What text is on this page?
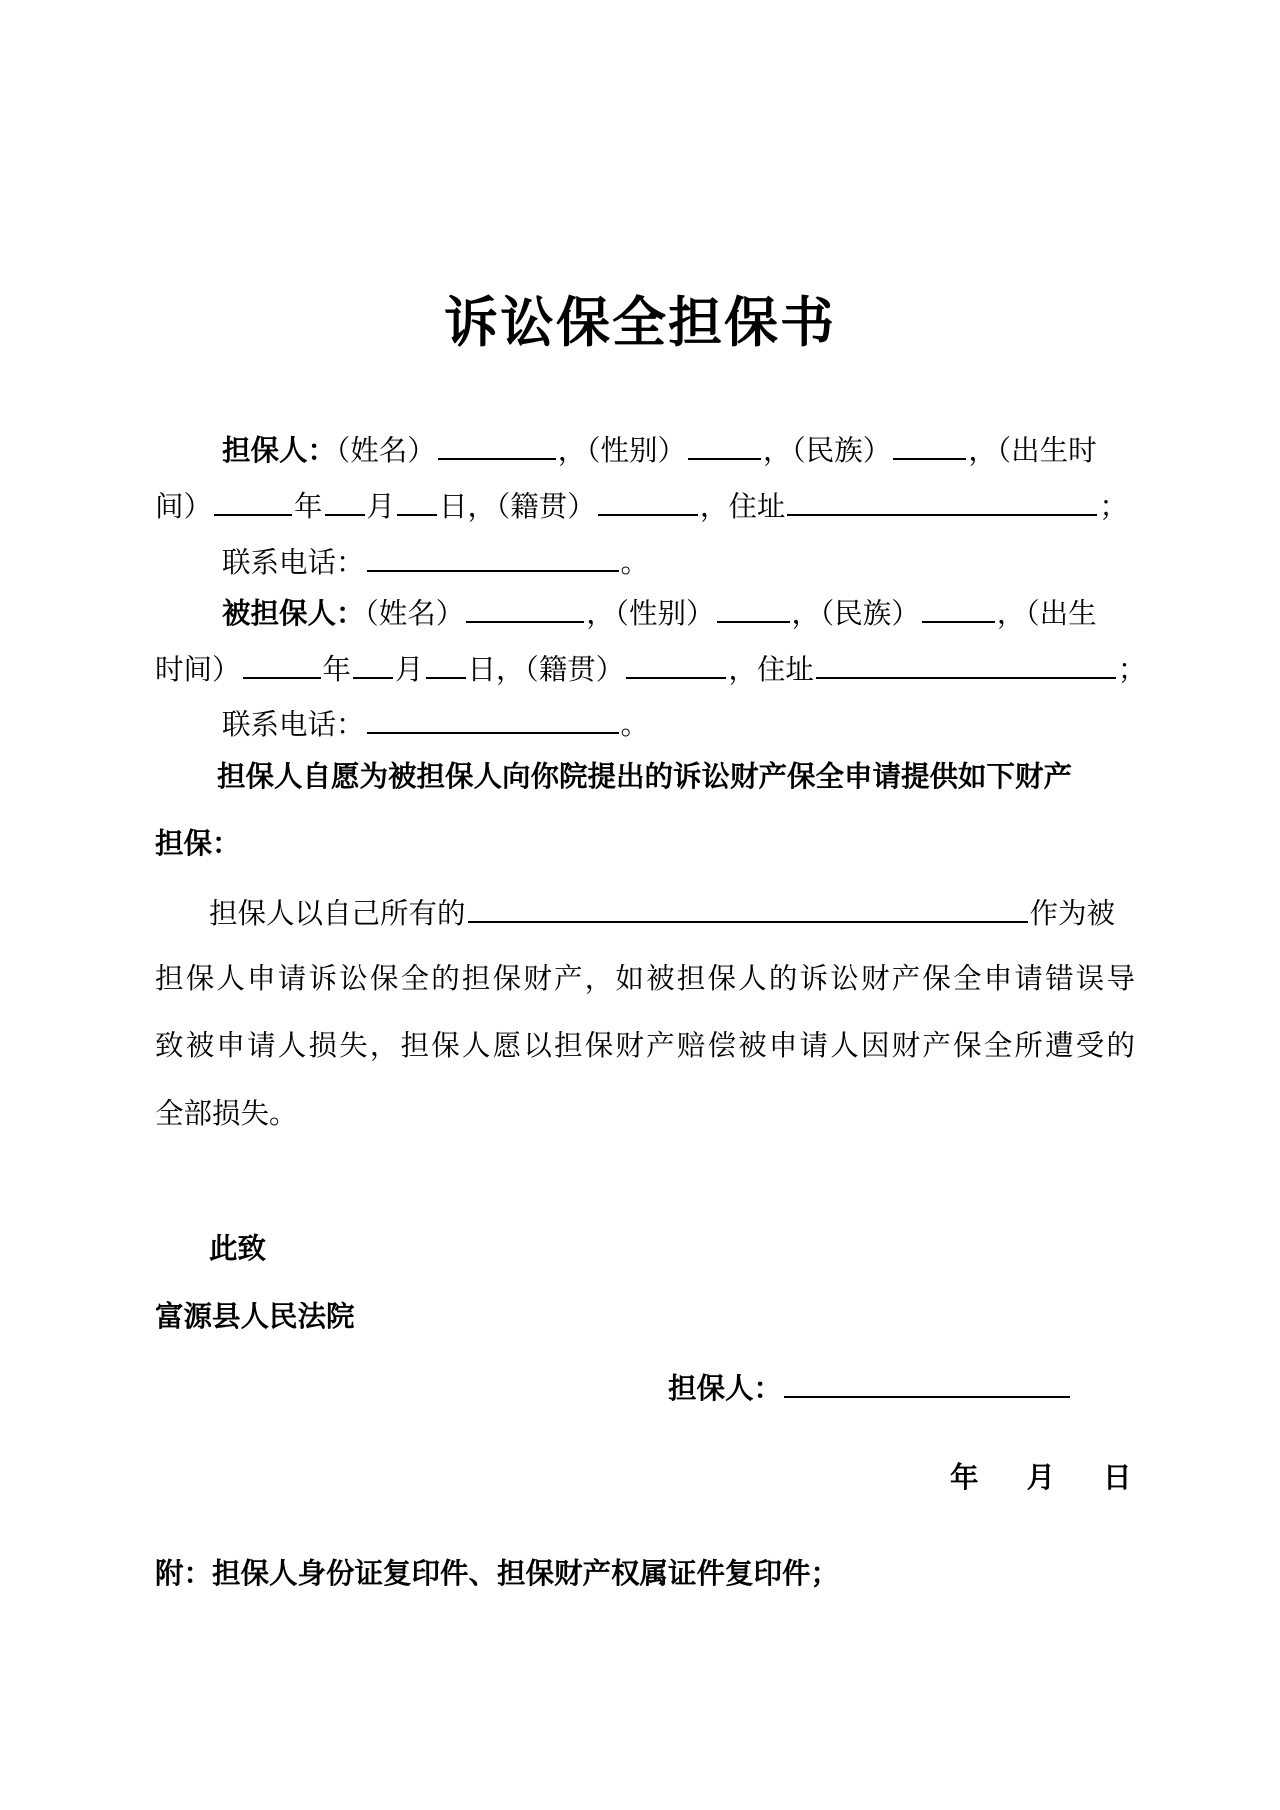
诉讼保全担保书
担保人：（姓名）	，（性别）	，（民族）	，（出生时
间）	年 月 日，（籍贯）	，住址	；
联系电话：	。
被担保人：（姓名）	，（性别）	，（民族）	，（出生
时间）	年 月 日，（籍贯）	，住址	；
联系电话：	。
担保人自愿为被担保人向你院提出的诉讼财产保全申请提供如下财产
担保：
担保人以自己所有的	作为被
担保人申请诉讼保全的担保财产，如被担保人的诉讼财产保全申请错误导
致被申请人损失，担保人愿以担保财产赔偿被申请人因财产保全所遭受的
全部损失。
此致
富源县人民法院
担保人：
年 月 日
附：担保人身份证复印件、担保财产权属证件复印件；
